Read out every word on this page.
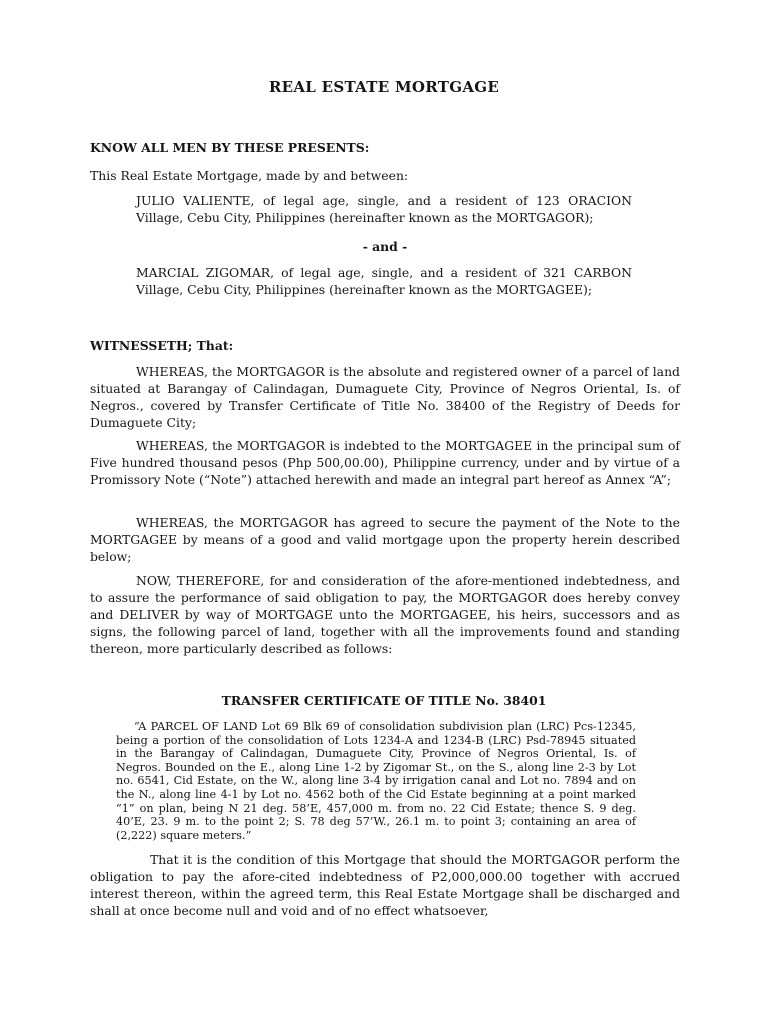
REAL ESTATE MORTGAGE
KNOW ALL MEN BY THESE PRESENTS:
This Real Estate Mortgage, made by and between:
JULIO VALIENTE, of legal age, single, and a resident of 123 ORACION Village, Cebu City, Philippines (hereinafter known as the MORTGAGOR);
- and -
MARCIAL ZIGOMAR, of legal age, single, and a resident of 321 CARBON Village, Cebu City, Philippines (hereinafter known as the MORTGAGEE);
WITNESSETH; That:
WHEREAS, the MORTGAGOR is the absolute and registered owner of a parcel of land situated at Barangay of Calindagan, Dumaguete City, Province of Negros Oriental, Is. of Negros., covered by Transfer Certificate of Title No. 38400 of the Registry of Deeds for Dumaguete City;
WHEREAS, the MORTGAGOR is indebted to the MORTGAGEE in the principal sum of Five hundred thousand pesos (Php 500,00.00), Philippine currency, under and by virtue of a Promissory Note (“Note”) attached herewith and made an integral part hereof as Annex “A”;
WHEREAS, the MORTGAGOR has agreed to secure the payment of the Note to the MORTGAGEE by means of a good and valid mortgage upon the property herein described below;
NOW, THEREFORE, for and consideration of the afore-mentioned indebtedness, and to assure the performance of said obligation to pay, the MORTGAGOR does hereby convey and DELIVER by way of MORTGAGE unto the MORTGAGEE, his heirs, successors and as signs, the following parcel of land, together with all the improvements found and standing thereon, more particularly described as follows:
TRANSFER CERTIFICATE OF TITLE No. 38401
“A PARCEL OF LAND Lot 69 Blk 69 of consolidation subdivision plan (LRC) Pcs-12345, being a portion of the consolidation of Lots 1234-A and 1234-B (LRC) Psd-78945 situated in the Barangay of Calindagan, Dumaguete City, Province of Negros Oriental, Is. of Negros. Bounded on the E., along Line 1-2 by Zigomar St., on the S., along line 2-3 by Lot no. 6541, Cid Estate, on the W., along line 3-4 by irrigation canal and Lot no. 7894 and on the N., along line 4-1 by Lot no. 4562 both of the Cid Estate beginning at a point marked “1” on plan, being N 21 deg. 58’E, 457,000 m. from no. 22 Cid Estate; thence S. 9 deg. 40’E, 23. 9 m. to the point 2; S. 78 deg 57’W., 26.1 m. to point 3; containing an area of (2,222) square meters.”
That it is the condition of this Mortgage that should the MORTGAGOR perform the obligation to pay the afore-cited indebtedness of P2,000,000.00 together with accrued interest thereon, within the agreed term, this Real Estate Mortgage shall be discharged and shall at once become null and void and of no effect whatsoever,
